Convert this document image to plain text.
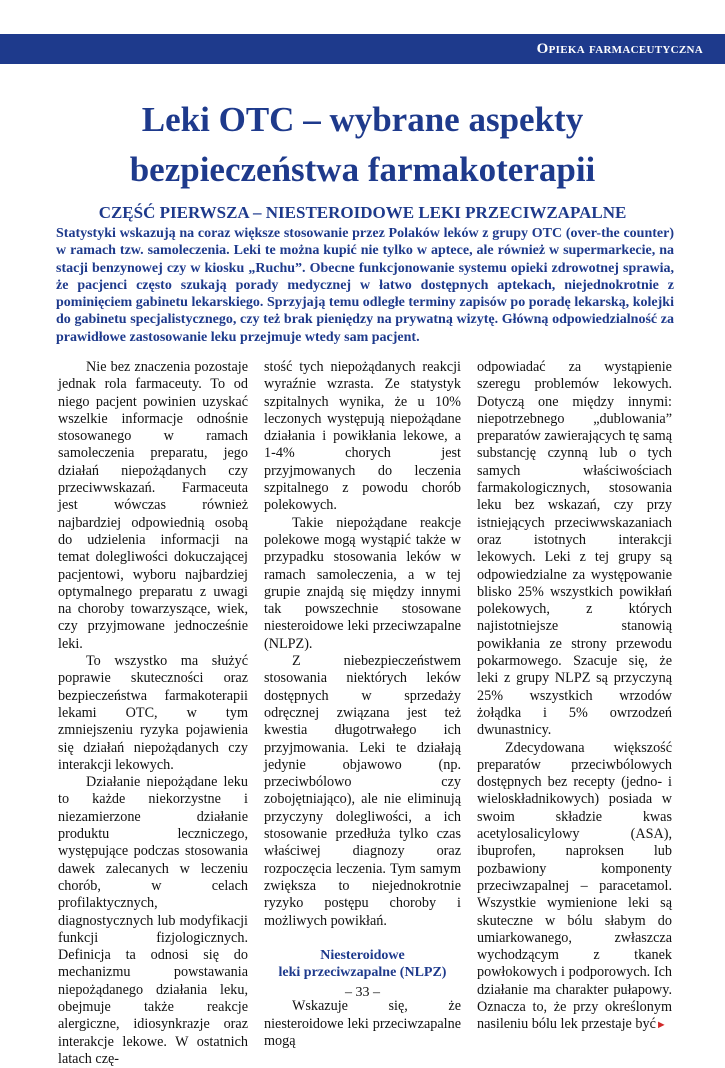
Opieka farmaceutyczna
Leki OTC – wybrane aspekty
bezpieczeństwa farmakoterapii
CZĘŚĆ PIERWSZA – NIESTEROIDOWE LEKI PRZECIWZAPALNE
Statystyki wskazują na coraz większe stosowanie przez Polaków leków z grupy OTC (over-the counter) w ramach tzw. samoleczenia. Leki te można kupić nie tylko w aptece, ale również w supermarkecie, na stacji benzynowej czy w kiosku „Ruchu”. Obecne funkcjonowanie systemu opieki zdrowotnej sprawia, że pacjenci często szukają porady medycznej w łatwo dostępnych aptekach, niejednokrotnie z pominięciem gabinetu lekarskiego. Sprzyjają temu odległe terminy zapisów po poradę lekarską, kolejki do gabinetu specjalistycznego, czy też brak pieniędzy na prywatną wizytę. Główną odpowiedzialność za prawidłowe zastosowanie leku przejmuje wtedy sam pacjent.

Nie bez znaczenia pozostaje jednak rola farmaceuty. To od niego pacjent powinien uzyskać wszelkie informacje odnośnie stosowanego w ramach samoleczenia preparatu, jego działań niepożądanych czy przeciwwskazań. Farmaceuta jest wówczas również najbardziej odpowiednią osobą do udzielenia informacji na temat dolegliwości dokuczającej pacjentowi, wyboru najbardziej optymalnego preparatu z uwagi na choroby towarzyszące, wiek, czy przyjmowane jednocześnie leki.

To wszystko ma służyć poprawie skuteczności oraz bezpieczeństwa farmakoterapii lekami OTC, w tym zmniejszeniu ryzyka pojawienia się działań niepożądanych czy interakcji lekowych.

Działanie niepożądane leku to każde niekorzystne i niezamierzone działanie produktu leczniczego, występujące podczas stosowania dawek zalecanych w leczeniu chorób, w celach profilaktycznych, diagnostycznych lub modyfikacji funkcji fizjologicznych. Definicja ta odnosi się do mechanizmu powstawania niepożądanego działania leku, obejmuje także reakcje alergiczne, idiosynkrazje oraz interakcje lekowe. W ostatnich latach czę-

stość tych niepożądanych reakcji wyraźnie wzrasta. Ze statystyk szpitalnych wynika, że u 10% leczonych występują niepożądane działania i powikłania lekowe, a 1-4% chorych jest przyjmowanych do leczenia szpitalnego z powodu chorób polekowych.

Takie niepożądane reakcje polekowe mogą wystąpić także w przypadku stosowania leków w ramach samoleczenia, a w tej grupie znajdą się między innymi tak powszechnie stosowane niesteroidowe leki przeciwzapalne (NLPZ).

Z niebezpieczeństwem stosowania niektórych leków dostępnych w sprzedaży odręcznej związana jest też kwestia długotrwałego ich przyjmowania. Leki te działają jedynie objawowo (np. przeciwbólowo czy zobojętniająco), ale nie eliminują przyczyny dolegliwości, a ich stosowanie przedłuża tylko czas właściwej diagnozy oraz rozpoczęcia leczenia. Tym samym zwiększa to niejednokrotnie ryzyko postępu choroby i możliwych powikłań.

Niesteroidowe
leki przeciwzapalne (NLPZ)

Wskazuje się, że niesteroidowe leki przeciwzapalne mogą

odpowiadać za wystąpienie szeregu problemów lekowych. Dotyczą one między innymi: niepotrzebnego „dublowania” preparatów zawierających tę samą substancję czynną lub o tych samych właściwościach farmakologicznych, stosowania leku bez wskazań, czy przy istniejących przeciwwskazaniach oraz istotnych interakcji lekowych. Leki z tej grupy są odpowiedzialne za występowanie blisko 25% wszystkich powikłań polekowych, z których najistotniejsze stanowią powikłania ze strony przewodu pokarmowego. Szacuje się, że leki z grupy NLPZ są przyczyną 25% wszystkich wrzodów żołądka i 5% owrzodzeń dwunastnicy.

Zdecydowana większość preparatów przeciwbólowych dostępnych bez recepty (jedno- i wieloskładnikowych) posiada w swoim składzie kwas acetylosalicylowy (ASA), ibuprofen, naproksen lub pozbawiony komponenty przeciwzapalnej – paracetamol. Wszystkie wymienione leki są skuteczne w bólu słabym do umiarkowanego, zwłaszcza wychodzącym z tkanek powłokowych i podporowych. Ich działanie ma charakter pułapowy. Oznacza to, że przy określonym nasileniu bólu lek przestaje być►

– 33 –
